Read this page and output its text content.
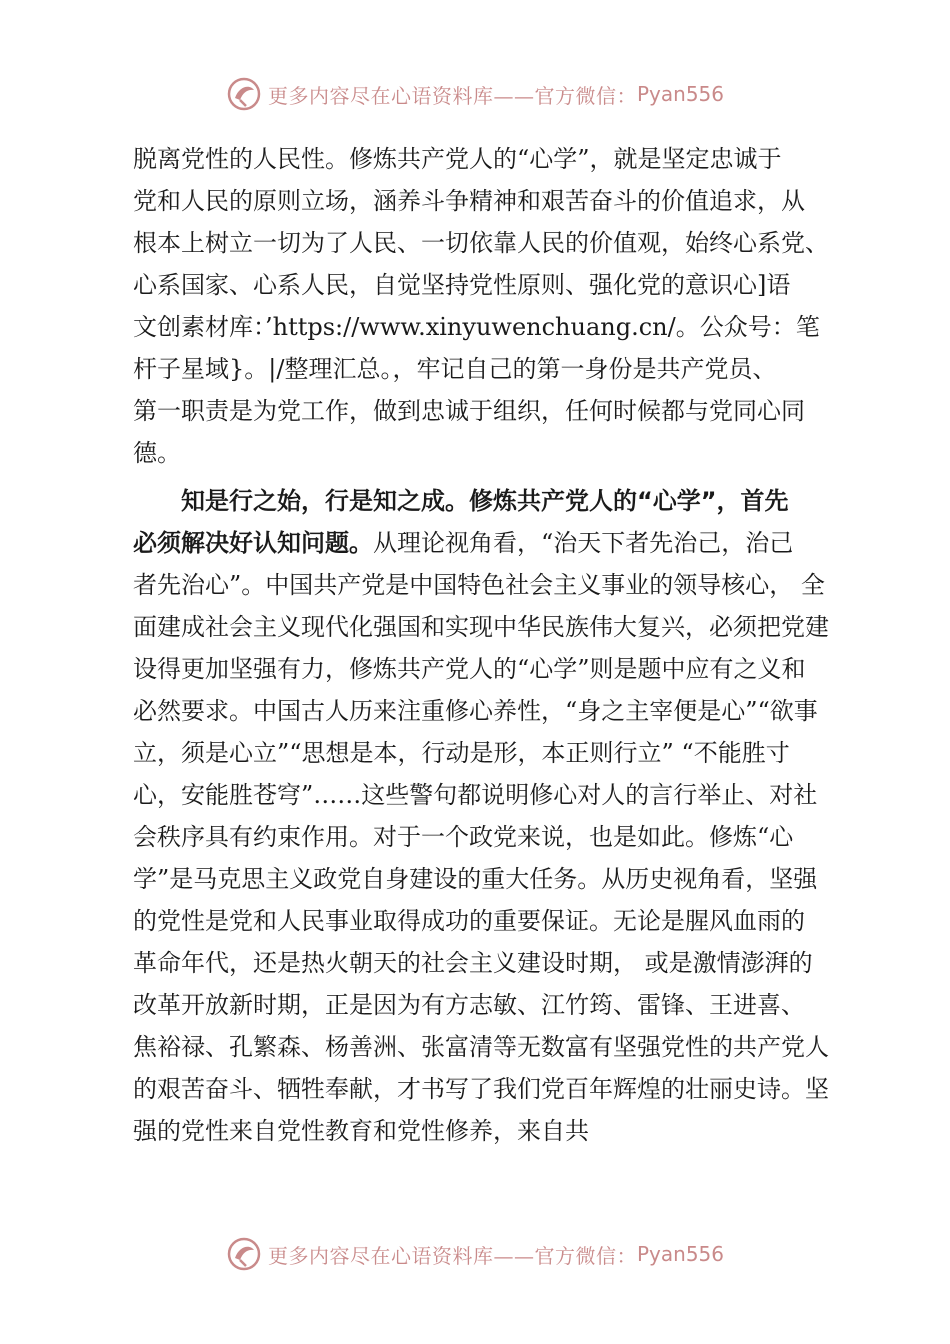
更多内容尽在心语资料库——官方微信： Pyan556
脱离党性的人民性。修炼共产党人的“心学”，就是坚定忠诚于
党和人民的原则立场，涵养斗争精神和艰苦奋斗的价值追求，从
根本上树立一切为了人民、一切依靠人民的价值观，始终心系党、
心系国家、心系人民，自觉坚持党性原则、强化党的意识心]语
文创素材库：’https://www.xinyuwenchuang.cn/。公众号：笔
杆子星域}。|/整理汇总。，牢记自己的第一身份是共产党员、
第一职责是为党工作，做到忠诚于组织，任何时候都与党同心同
德。
知是行之始，行是知之成。修炼共产党人的“心学”，首先
必须解决好认知问题。从理论视角看，“治天下者先治己，治己
者先治心”。中国共产党是中国特色社会主义事业的领导核心， 全
面建成社会主义现代化强国和实现中华民族伟大复兴，必须把党建
设得更加坚强有力，修炼共产党人的“心学”则是题中应有之义和
必然要求。中国古人历来注重修心养性，“身之主宰便是心”“欲事
立，须是心立”“思想是本，行动是形，本正则行立” “不能胜寸
心，安能胜苍穹”……这些警句都说明修心对人的言行举止、对社
会秩序具有约束作用。对于一个政党来说，也是如此。修炼“心
学”是马克思主义政党自身建设的重大任务。从历史视角看，坚强
的党性是党和人民事业取得成功的重要保证。无论是腥风血雨的
革命年代，还是热火朝天的社会主义建设时期， 或是激情澎湃的
改革开放新时期，正是因为有方志敏、江竹筠、雷锋、王进喜、
焦裕禄、孔繁森、杨善洲、张富清等无数富有坚强党性的共产党人
的艰苦奋斗、牺牲奉献，才书写了我们党百年辉煌的壮丽史诗。坚
强的党性来自党性教育和党性修养，来自共
更多内容尽在心语资料库——官方微信： Pyan556
